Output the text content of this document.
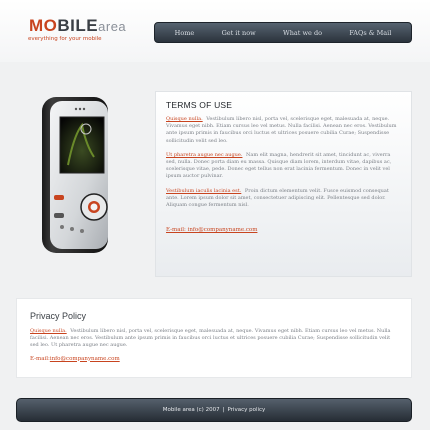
MOBILEarea
everything for your mobile
Home	Get it now	What we do	FAQs & Mail
TERMS OF USE

Quisque nulla. Vestibulum libero nisl, porta vel, scelerisque eget, malesuada at, neque. Vivamus eget nibh. Etiam cursus leo vel metus. Nulla facilisi. Aenean nec eros. Vestibulum ante ipsum primis in faucibus orci luctus et ultrices posuere cubilia Curae; Suspendisse sollicitudin velit sed leo.

Ut pharetra augue nec augue. Nam elit magna, hendrerit sit amet, tincidunt ac, viverra sed, nulla. Donec porta diam eu massa. Quisque diam lorem, interdum vitae, dapibus ac, scelerisque vitae, pede. Donec eget tellus non erat lacinia fermentum. Donec in velit vel ipsum auctor pulvinar.

Vestibulum iaculis lacinia est. Proin dictum elementum velit. Fusce euismod consequat ante. Lorem ipsum dolor sit amet, consectetuer adipiscing elit. Pellentesque sed dolor. Aliquam congue fermentum nisl.

E-mail: info@companyname.com
Privacy Policy

Quisque nulla. Vestibulum libero nisl, porta vel, scelerisque eget, malesuada at, neque. Vivamus eget nibh. Etiam cursus leo vel metus. Nulla facilisi. Aenean nec eros. Vestibulum ante ipsum primis in faucibus orci luctus et ultrices posuere cubilia Curae; Suspendisse sollicitudin velit sed leo. Ut pharetra augue nec augue.

E-mail:info@companyname.com
Mobile area (c) 2007 | Privacy policy
